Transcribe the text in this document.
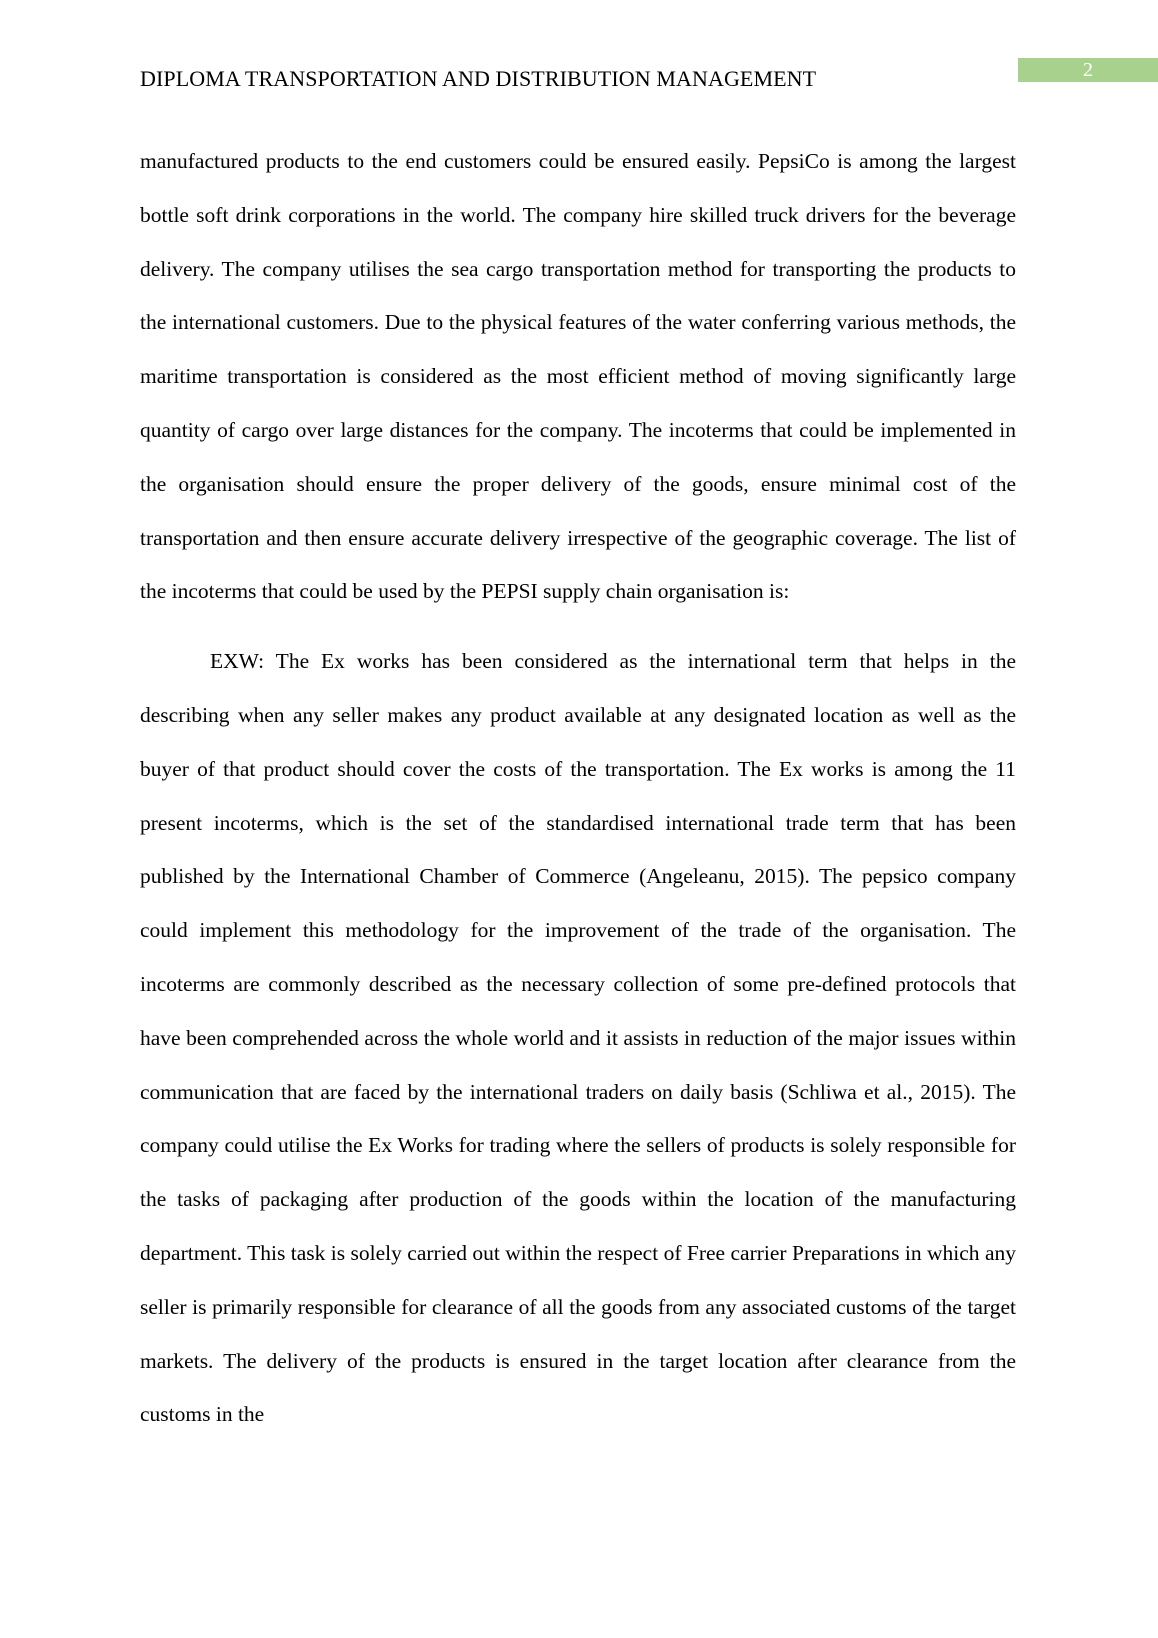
DIPLOMA TRANSPORTATION AND DISTRIBUTION MANAGEMENT	2

manufactured products to the end customers could be ensured easily. PepsiCo is among the largest bottle soft drink corporations in the world. The company hire skilled truck drivers for the beverage delivery. The company utilises the sea cargo transportation method for transporting the products to the international customers. Due to the physical features of the water conferring various methods, the maritime transportation is considered as the most efficient method of moving significantly large quantity of cargo over large distances for the company. The incoterms that could be implemented in the organisation should ensure the proper delivery of the goods, ensure minimal cost of the transportation and then ensure accurate delivery irrespective of the geographic coverage. The list of the incoterms that could be used by the PEPSI supply chain organisation is:

EXW: The Ex works has been considered as the international term that helps in the describing when any seller makes any product available at any designated location as well as the buyer of that product should cover the costs of the transportation. The Ex works is among the 11 present incoterms, which is the set of the standardised international trade term that has been published by the International Chamber of Commerce (Angeleanu, 2015). The pepsico company could implement this methodology for the improvement of the trade of the organisation. The incoterms are commonly described as the necessary collection of some pre-defined protocols that have been comprehended across the whole world and it assists in reduction of the major issues within communication that are faced by the international traders on daily basis (Schliwa et al., 2015). The company could utilise the Ex Works for trading where the sellers of products is solely responsible for the tasks of packaging after production of the goods within the location of the manufacturing department. This task is solely carried out within the respect of Free carrier Preparations in which any seller is primarily responsible for clearance of all the goods from any associated customs of the target markets. The delivery of the products is ensured in the target location after clearance from the customs in the
